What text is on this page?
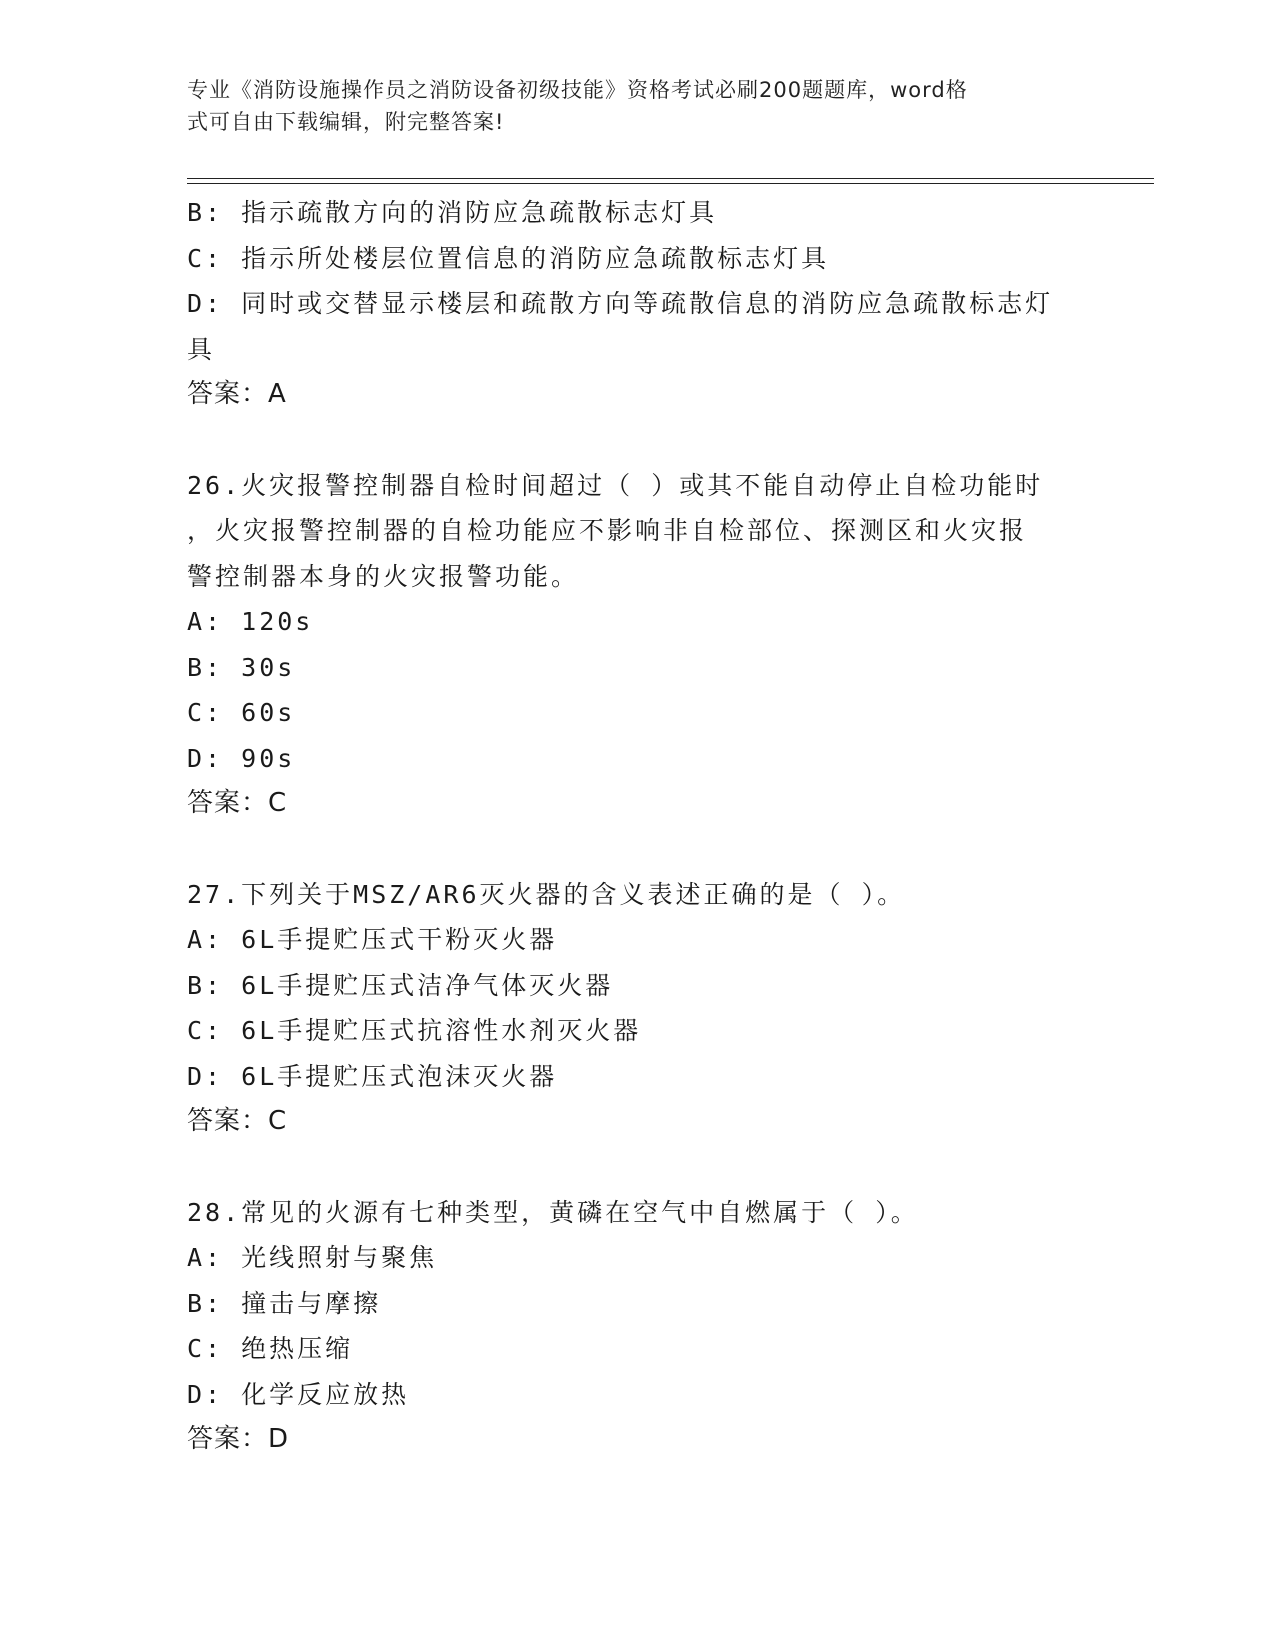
专业《消防设施操作员之消防设备初级技能》资格考试必刷200题题库，word格
式可自由下载编辑，附完整答案!
B: 指示疏散方向的消防应急疏散标志灯具
C: 指示所处楼层位置信息的消防应急疏散标志灯具
D: 同时或交替显示楼层和疏散方向等疏散信息的消防应急疏散标志灯
具
答案：A
26.火灾报警控制器自检时间超过（ ）或其不能自动停止自检功能时
，火灾报警控制器的自检功能应不影响非自检部位、探测区和火灾报
警控制器本身的火灾报警功能。
A: 120s
B: 30s
C: 60s
D: 90s
答案：C
27.下列关于MSZ/AR6灭火器的含义表述正确的是（ ）。
A: 6L手提贮压式干粉灭火器
B: 6L手提贮压式洁净气体灭火器
C: 6L手提贮压式抗溶性水剂灭火器
D: 6L手提贮压式泡沫灭火器
答案：C
28.常见的火源有七种类型，黄磷在空气中自燃属于（ ）。
A: 光线照射与聚焦
B: 撞击与摩擦
C: 绝热压缩
D: 化学反应放热
答案：D
